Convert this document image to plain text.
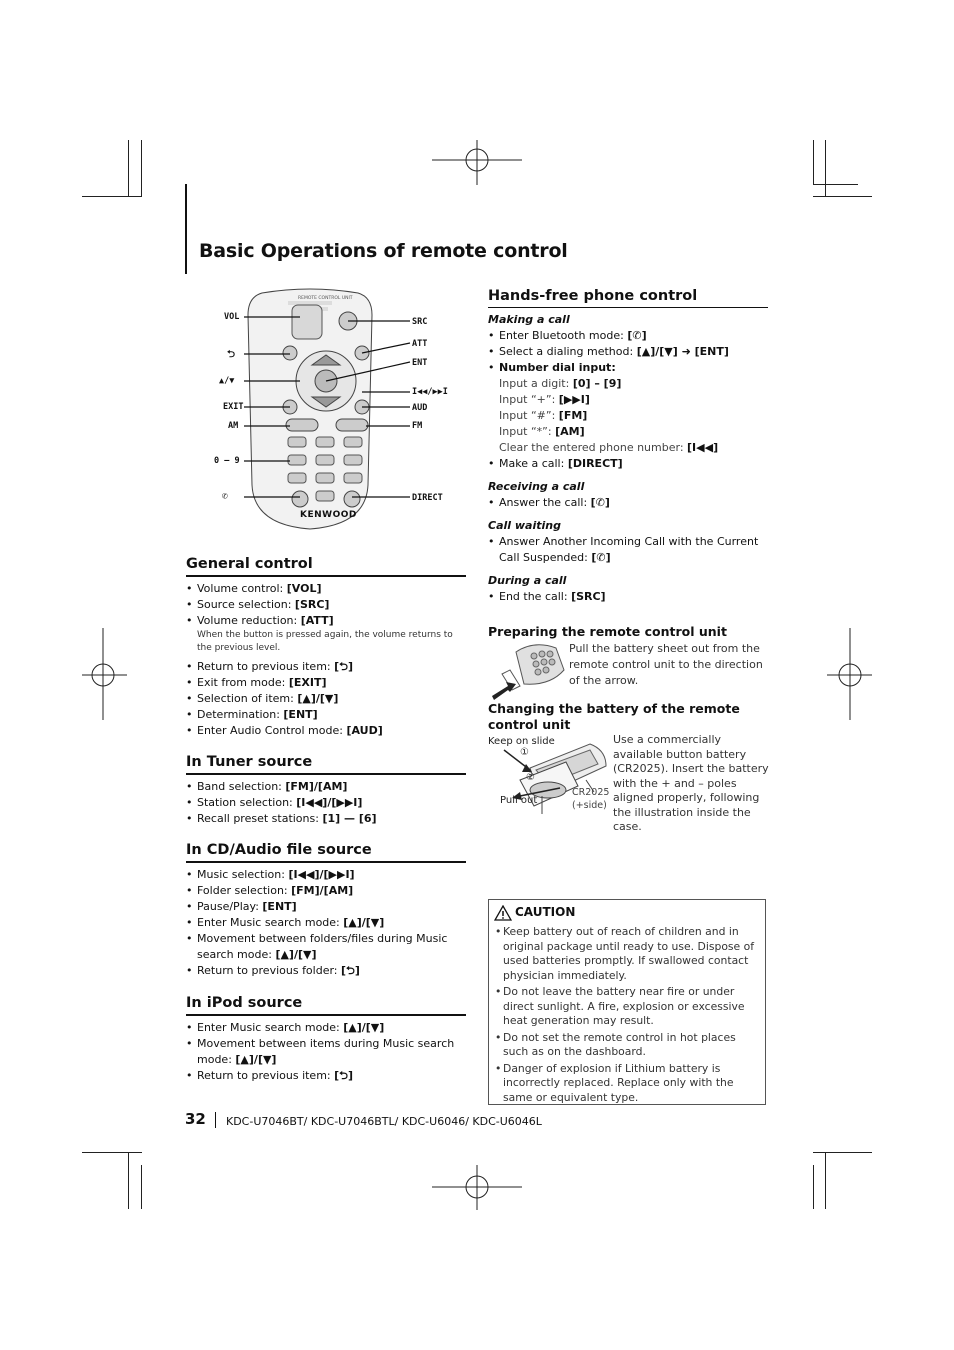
Basic Operations of remote control
KENWOOD
REMOTE CONTROL UNIT
VOL
⮌
▲/▼
EXIT
AM
0 — 9
✆
SRC
ATT
ENT
I◀◀/▶▶I
AUD
FM
DIRECT
General control
• Volume control: [VOL]
• Source selection: [SRC]
• Volume reduction: [ATT]
When the button is pressed again, the volume returns to the previous level.
• Return to previous item: [⮌]
• Exit from mode: [EXIT]
• Selection of item: [▲]/[▼]
• Determination: [ENT]
• Enter Audio Control mode: [AUD]
In Tuner source
• Band selection: [FM]/[AM]
• Station selection: [I◀◀]/[▶▶I]
• Recall preset stations: [1] — [6]
In CD/Audio file source
• Music selection: [I◀◀]/[▶▶I]
• Folder selection: [FM]/[AM]
• Pause/Play: [ENT]
• Enter Music search mode: [▲]/[▼]
• Movement between folders/files during Music search mode: [▲]/[▼]
• Return to previous folder: [⮌]
In iPod source
• Enter Music search mode: [▲]/[▼]
• Movement between items during Music search mode: [▲]/[▼]
• Return to previous item: [⮌]
Hands-free phone control
Making a call
• Enter Bluetooth mode: [✆]
• Select a dialing method: [▲]/[▼] ➜ [ENT]
• Number dial input:
Input a digit: [0] – [9]
Input “+”: [▶▶I]
Input “#”: [FM]
Input “*”: [AM]
Clear the entered phone number: [I◀◀]
• Make a call: [DIRECT]
Receiving a call
• Answer the call: [✆]
Call waiting
• Answer Another Incoming Call with the Current Call Suspended: [✆]
During a call
• End the call: [SRC]
Preparing the remote control unit
Pull the battery sheet out from the remote control unit to the direction of the arrow.
Changing the battery of the remote control unit
Keep on slide
①
②
Pull out
CR2025
(+side)
Use a commercially available button battery (CR2025). Insert the battery with the + and – poles aligned properly, following the illustration inside the case.
CAUTION
• Keep battery out of reach of children and in original package until ready to use. Dispose of used batteries promptly. If swallowed contact physician immediately.
• Do not leave the battery near fire or under direct sunlight. A fire, explosion or excessive heat generation may result.
• Do not set the remote control in hot places such as on the dashboard.
• Danger of explosion if Lithium battery is incorrectly replaced. Replace only with the same or equivalent type.
32 KDC-U7046BT/ KDC-U7046BTL/ KDC-U6046/ KDC-U6046L
